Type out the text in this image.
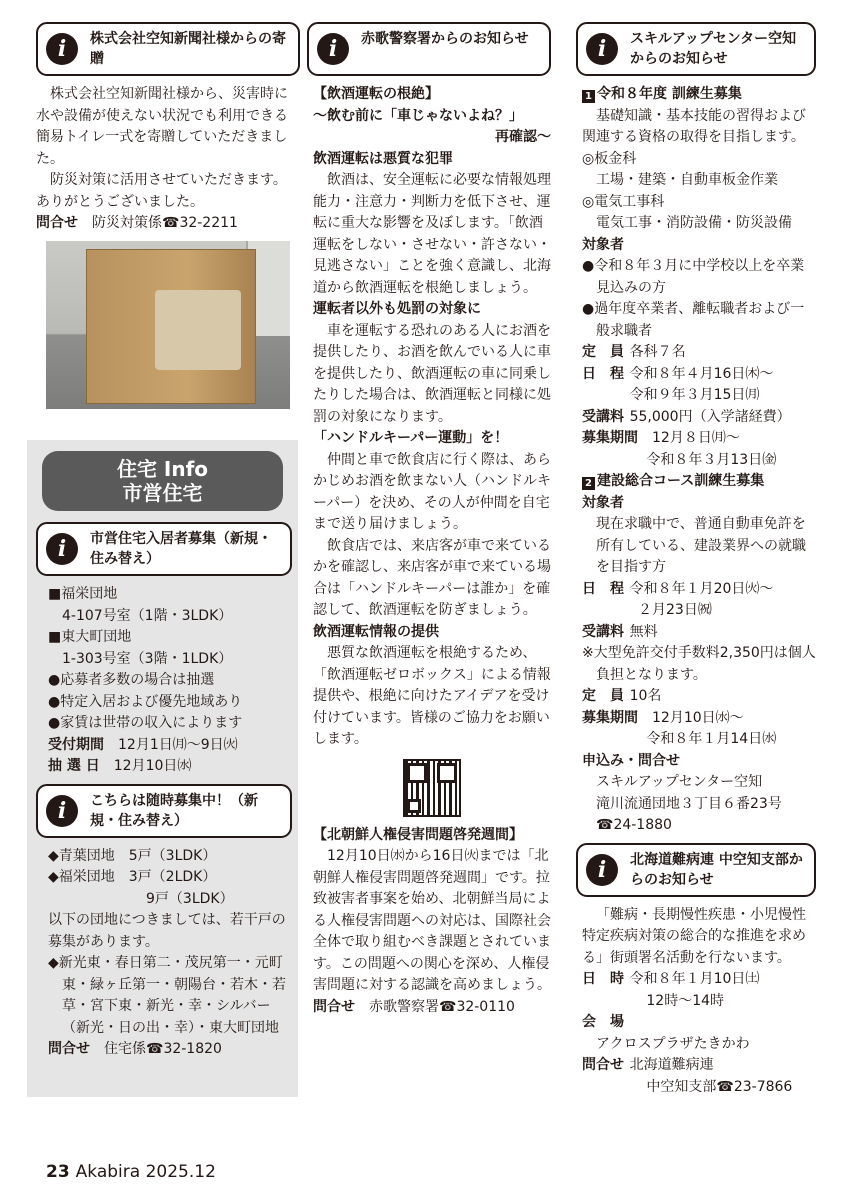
i	株式会社空知新聞社様からの寄贈

株式会社空知新聞社様から、災害時に水や設備が使えない状況でも利用できる簡易トイレ一式を寄贈していただきました。

防災対策に活用させていただきます。ありがとうございました。

問合せ　 防災対策係☎32-2211

住宅 Info
市営住宅
i	市営住宅入居者募集（新規・住み替え）

■福栄団地

4-107号室（1階・3LDK）

■東大町団地

1-303号室（3階・1LDK）

●応募者多数の場合は抽選

●特定入居および優先地域あり

●家賃は世帯の収入によります

受付期間　 12月1日㈪〜9日㈫

抽 選 日　 12月10日㈬

i	こちらは随時募集中！（新規・住み替え）

◆青葉団地　5戸（3LDK）

◆福栄団地　3戸（2LDK）

9戸（3LDK）

以下の団地につきましては、若干戸の募集があります。

◆新光東・春日第二・茂尻第一・元町東・緑ヶ丘第一・朝陽台・若木・若草・宮下東・新光・幸・シルバー（新光・日の出・幸）・東大町団地

問合せ　 住宅係☎32-1820

i	赤歌警察署からのお知らせ

【飲酒運転の根絶】

〜飲む前に「車じゃないよね？」

再確認〜

飲酒運転は悪質な犯罪

飲酒は、安全運転に必要な情報処理能力・注意力・判断力を低下させ、運転に重大な影響を及ぼします。「飲酒運転をしない・させない・許さない・見逃さない」ことを強く意識し、北海道から飲酒運転を根絶しましょう。

運転者以外も処罰の対象に

車を運転する恐れのある人にお酒を提供したり、お酒を飲んでいる人に車を提供したり、飲酒運転の車に同乗したりした場合は、飲酒運転と同様に処罰の対象になります。

「ハンドルキーパー運動」を！

仲間と車で飲食店に行く際は、あらかじめお酒を飲まない人（ハンドルキーパー）を決め、その人が仲間を自宅まで送り届けましょう。

飲食店では、来店客が車で来ているかを確認し、来店客が車で来ている場合は「ハンドルキーパーは誰か」を確認して、飲酒運転を防ぎましょう。

飲酒運転情報の提供

悪質な飲酒運転を根絶するため、「飲酒運転ゼロボックス」による情報提供や、根絶に向けたアイデアを受け付けています。皆様のご協力をお願いします。

【北朝鮮人権侵害問題啓発週間】

12月10日㈬から16日㈫までは「北朝鮮人権侵害問題啓発週間」です。拉致被害者事案を始め、北朝鮮当局による人権侵害問題への対応は、国際社会全体で取り組むべき課題とされています。この問題への関心を深め、人権侵害問題に対する認識を高めましょう。

問合せ　 赤歌警察署☎32-0110

i	スキルアップセンター空知からのお知らせ

1 令和８年度 訓練生募集

基礎知識・基本技能の習得および関連する資格の取得を目指します。

◎板金科

工場・建築・自動車板金作業

◎電気工事科

電気工事・消防設備・防災設備

対象者

●令和８年３月に中学校以上を卒業見込みの方

●過年度卒業者、離転職者および一般求職者

定　員 各科７名

日　程 令和８年４月16日㈭〜

令和９年３月15日㈪

受講料 55,000円（入学諸経費）

募集期間　 12月８日㈪〜

令和８年３月13日㈮

2 建設総合コース訓練生募集

対象者

現在求職中で、普通自動車免許を所有している、建設業界への就職を目指す方

日　程 令和８年１月20日㈫〜

２月23日㈷

受講料 無料

※大型免許交付手数料2,350円は個人負担となります。

定　員 10名

募集期間　 12月10日㈬〜

令和８年１月14日㈬

申込み・問合せ

スキルアップセンター空知

滝川流通団地３丁目６番23号

☎24-1880

i	北海道難病連 中空知支部からのお知らせ

「難病・長期慢性疾患・小児慢性特定疾病対策の総合的な推進を求める」街頭署名活動を行ないます。

日　時 令和８年１月10日㈯

12時〜14時

会　場

アクロスプラザたきかわ

問合せ 北海道難病連

中空知支部☎23-7866

23 Akabira 2025.12
